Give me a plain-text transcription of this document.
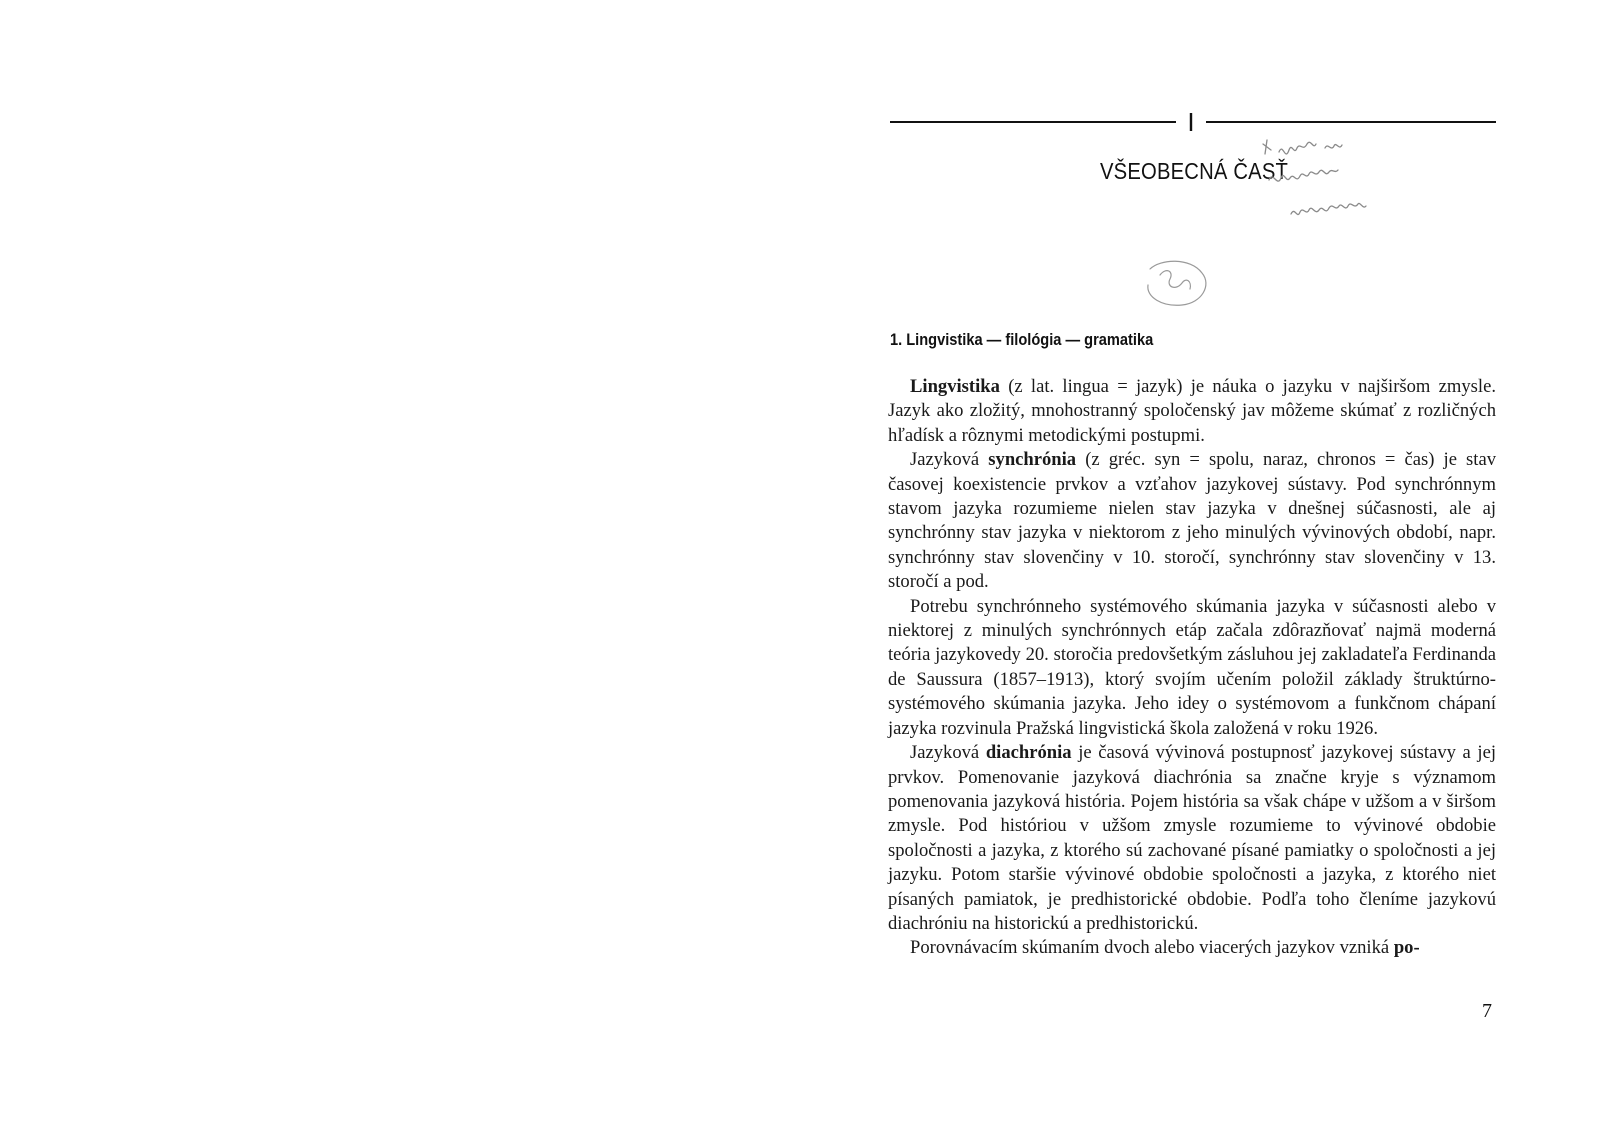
I
VŠEOBECNÁ ČASŤ
1. Lingvistika — filológia — gramatika

Lingvistika (z lat. lingua = jazyk) je náuka o jazyku v najširšom zmysle. Jazyk ako zložitý, mnohostranný spoločenský jav môžeme skúmať z rozličných hľadísk a rôznymi metodickými postupmi.

Jazyková synchrónia (z gréc. syn = spolu, naraz, chronos = čas) je stav časovej koexistencie prvkov a vzťahov jazykovej sústavy. Pod synchrónnym stavom jazyka rozumieme nielen stav jazyka v dnešnej súčasnosti, ale aj synchrónny stav jazyka v niektorom z jeho minulých vývinových období, napr. synchrónny stav slovenčiny v 10. storočí, synchrónny stav slovenčiny v 13. storočí a pod.

Potrebu synchrónneho systémového skúmania jazyka v súčasnosti alebo v niektorej z minulých synchrónnych etáp začala zdôrazňovať najmä moderná teória jazykovedy 20. storočia predovšetkým zásluhou jej zakladateľa Ferdinanda de Saussura (1857–1913), ktorý svojím učením položil základy štruktúrno-systémového skúmania jazyka. Jeho idey o systémovom a funkčnom chápaní jazyka rozvinula Pražská lingvistická škola založená v roku 1926.

Jazyková diachrónia je časová vývinová postupnosť jazykovej sústavy a jej prvkov. Pomenovanie jazyková diachrónia sa značne kryje s významom pomenovania jazyková história. Pojem história sa však chápe v užšom a v širšom zmysle. Pod históriou v užšom zmysle rozumieme to vývinové obdobie spoločnosti a jazyka, z ktorého sú zachované písané pamiatky o spoločnosti a jej jazyku. Potom staršie vývinové obdobie spoločnosti a jazyka, z ktorého niet písaných pamiatok, je predhistorické obdobie. Podľa toho členíme jazykovú diachróniu na historickú a predhistorickú.

Porovnávacím skúmaním dvoch alebo viacerých jazykov vzniká po-

7
